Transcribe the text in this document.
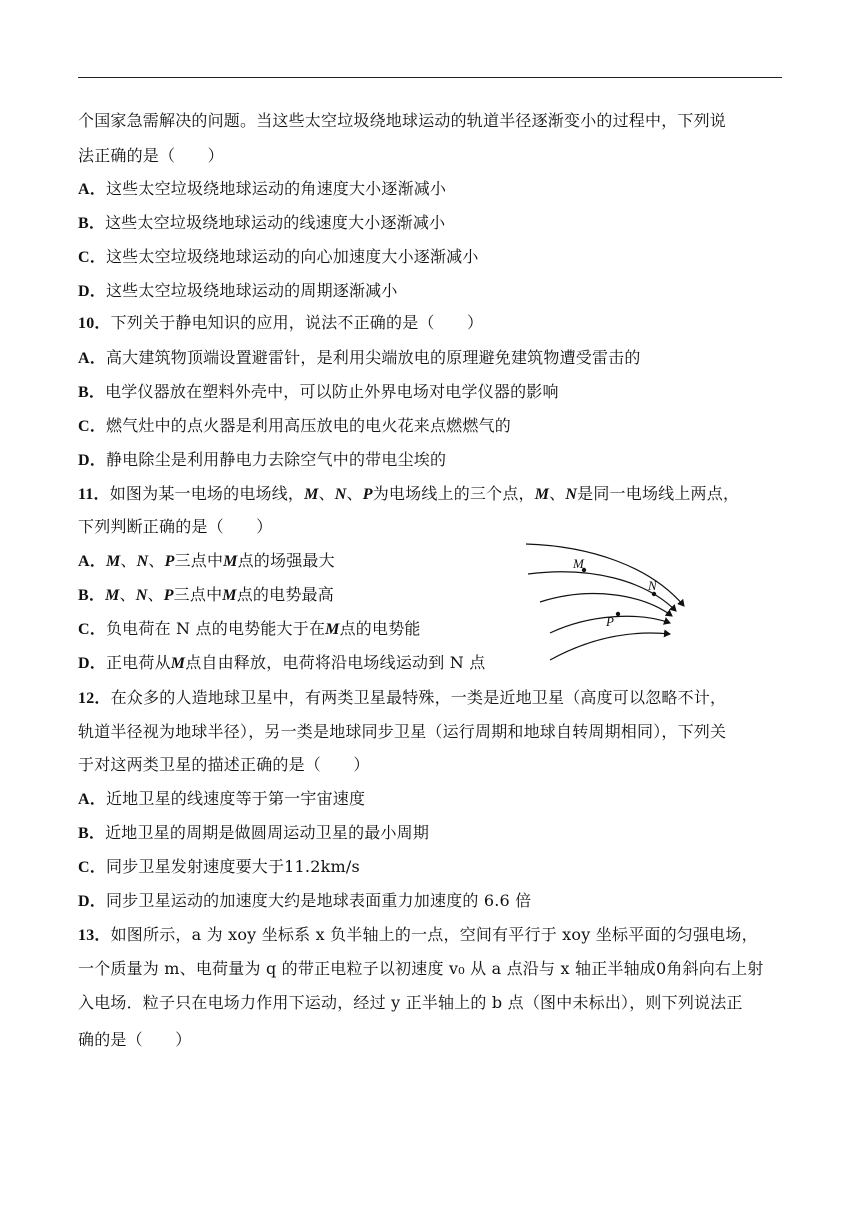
个国家急需解决的问题。当这些太空垃圾绕地球运动的轨道半径逐渐变小的过程中，下列说
法正确的是（　　）
A．这些太空垃圾绕地球运动的角速度大小逐渐减小
B．这些太空垃圾绕地球运动的线速度大小逐渐减小
C．这些太空垃圾绕地球运动的向心加速度大小逐渐减小
D．这些太空垃圾绕地球运动的周期逐渐减小
10．下列关于静电知识的应用，说法不正确的是（　　）
A．高大建筑物顶端设置避雷针，是利用尖端放电的原理避免建筑物遭受雷击的
B．电学仪器放在塑料外壳中，可以防止外界电场对电学仪器的影响
C．燃气灶中的点火器是利用高压放电的电火花来点燃燃气的
D．静电除尘是利用静电力去除空气中的带电尘埃的
11．如图为某一电场的电场线，M、N、P为电场线上的三个点，M、N是同一电场线上两点，
下列判断正确的是（　　）
A．M、N、P三点中M点的场强最大
B．M、N、P三点中M点的电势最高
C．负电荷在 N 点的电势能大于在M点的电势能
D．正电荷从M点自由释放，电荷将沿电场线运动到 N 点
M
N
P
12．在众多的人造地球卫星中，有两类卫星最特殊，一类是近地卫星（高度可以忽略不计，
轨道半径视为地球半径），另一类是地球同步卫星（运行周期和地球自转周期相同），下列关
于对这两类卫星的描述正确的是（　　）
A．近地卫星的线速度等于第一宇宙速度
B．近地卫星的周期是做圆周运动卫星的最小周期
C．同步卫星发射速度要大于11.2km/s
D．同步卫星运动的加速度大约是地球表面重力加速度的 6.6 倍
13．如图所示，a 为 xoy 坐标系 x 负半轴上的一点，空间有平行于 xoy 坐标平面的匀强电场，
一个质量为 m、电荷量为 q 的带正电粒子以初速度 v₀ 从 a 点沿与 x 轴正半轴成0角斜向右上射
入电场．粒子只在电场力作用下运动，经过 y 正半轴上的 b 点（图中未标出），则下列说法正
确的是（　　）
